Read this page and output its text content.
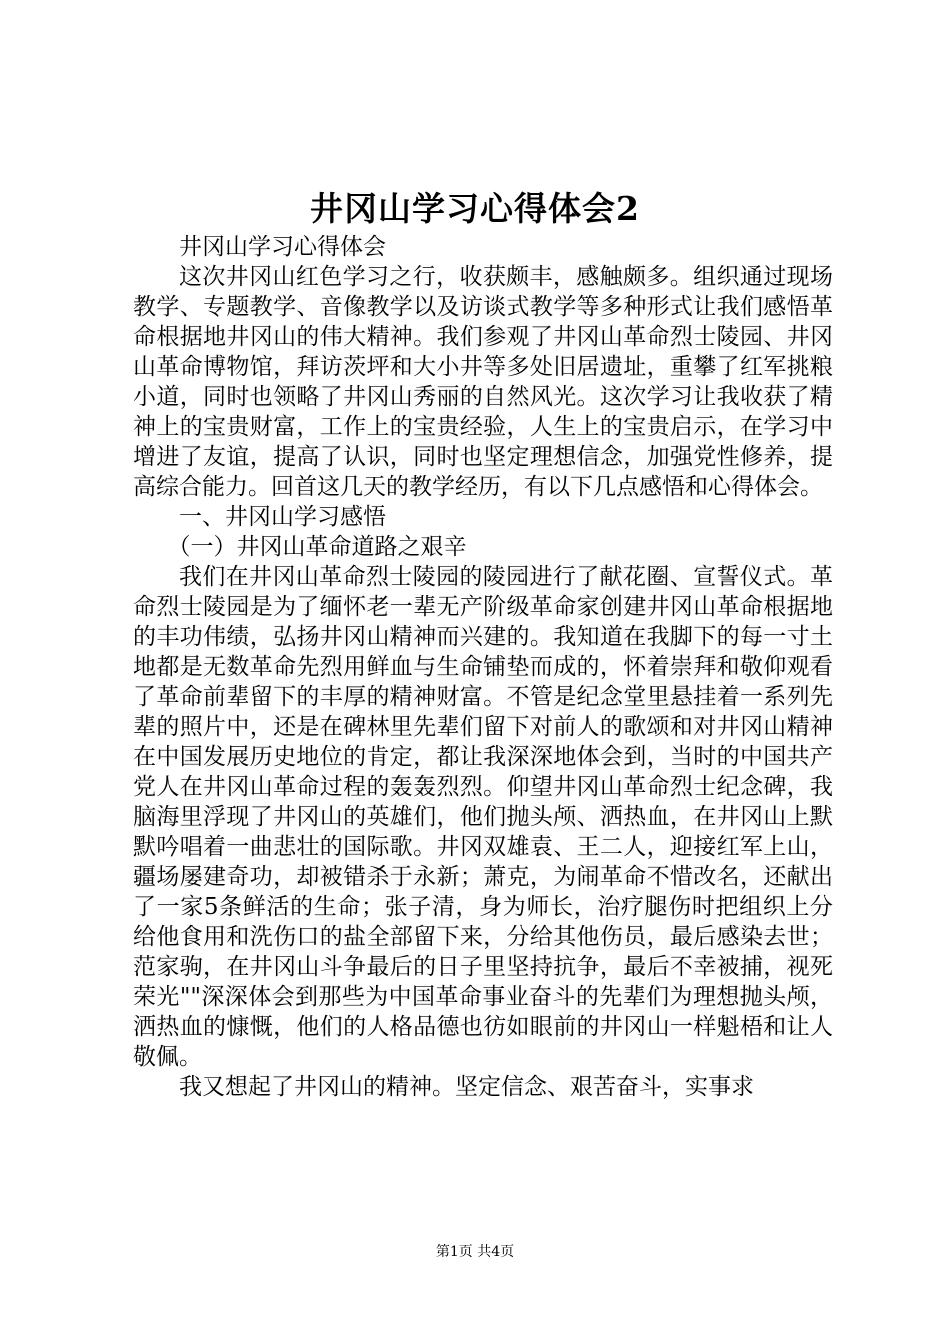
井冈山学习心得体会2

井冈山学习心得体会

这次井冈山红色学习之行，收获颇丰，感触颇多。组织通过现场教学、专题教学、音像教学以及访谈式教学等多种形式让我们感悟革命根据地井冈山的伟大精神。我们参观了井冈山革命烈士陵园、井冈山革命博物馆，拜访茨坪和大小井等多处旧居遗址，重攀了红军挑粮小道，同时也领略了井冈山秀丽的自然风光。这次学习让我收获了精神上的宝贵财富，工作上的宝贵经验，人生上的宝贵启示，在学习中增进了友谊，提高了认识，同时也坚定理想信念，加强党性修养，提高综合能力。回首这几天的教学经历，有以下几点感悟和心得体会。

一、井冈山学习感悟

（一）井冈山革命道路之艰辛

我们在井冈山革命烈士陵园的陵园进行了献花圈、宣誓仪式。革命烈士陵园是为了缅怀老一辈无产阶级革命家创建井冈山革命根据地的丰功伟绩，弘扬井冈山精神而兴建的。我知道在我脚下的每一寸土地都是无数革命先烈用鲜血与生命铺垫而成的，怀着崇拜和敬仰观看了革命前辈留下的丰厚的精神财富。不管是纪念堂里悬挂着一系列先辈的照片中，还是在碑林里先辈们留下对前人的歌颂和对井冈山精神在中国发展历史地位的肯定，都让我深深地体会到，当时的中国共产党人在井冈山革命过程的轰轰烈烈。仰望井冈山革命烈士纪念碑，我脑海里浮现了井冈山的英雄们，他们抛头颅、洒热血，在井冈山上默默吟唱着一曲悲壮的国际歌。井冈双雄袁、王二人，迎接红军上山，疆场屡建奇功，却被错杀于永新；萧克，为闹革命不惜改名，还献出了一家5条鲜活的生命；张子清，身为师长，治疗腿伤时把组织上分给他食用和洗伤口的盐全部留下来，分给其他伤员，最后感染去世；范家驹，在井冈山斗争最后的日子里坚持抗争，最后不幸被捕，视死荣光""深深体会到那些为中国革命事业奋斗的先辈们为理想抛头颅，洒热血的慷慨，他们的人格品德也彷如眼前的井冈山一样魁梧和让人敬佩。

我又想起了井冈山的精神。坚定信念、艰苦奋斗，实事求

第1页 共4页
